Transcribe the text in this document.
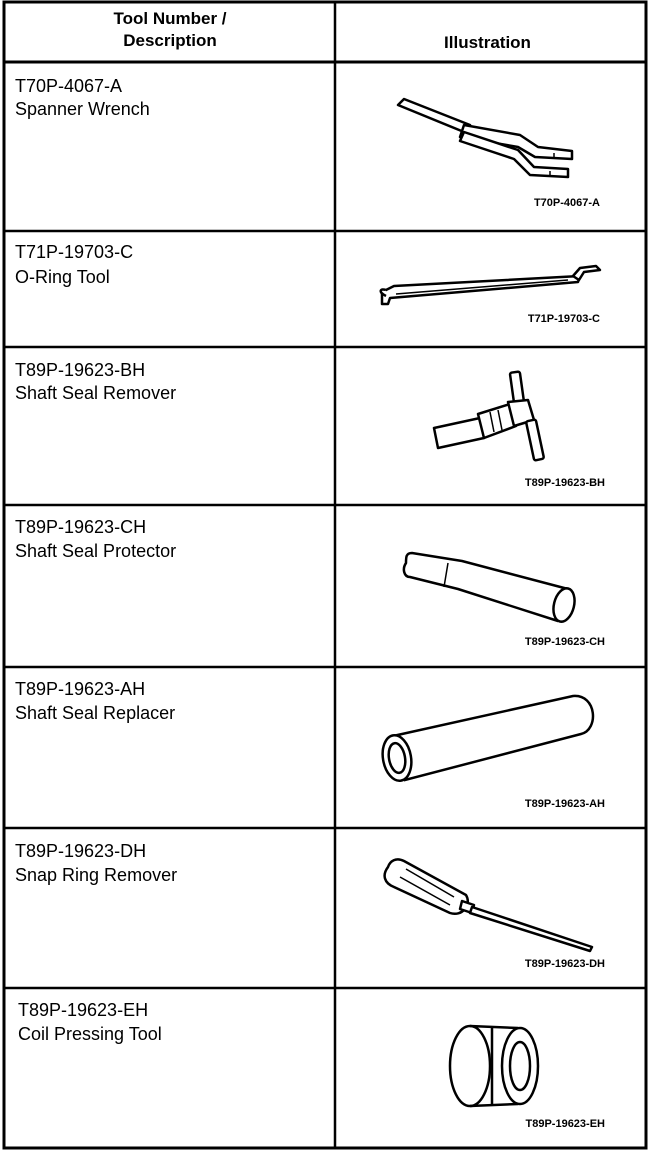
Tool Number / Description	Illustration
T70P-4067-A
Spanner Wrench
T70P-4067-A
T71P-19703-C
O-Ring Tool
T71P-19703-C
T89P-19623-BH
Shaft Seal Remover
T89P-19623-BH
T89P-19623-CH
Shaft Seal Protector
T89P-19623-CH
T89P-19623-AH
Shaft Seal Replacer
T89P-19623-AH
T89P-19623-DH
Snap Ring Remover
T89P-19623-DH
T89P-19623-EH
Coil Pressing Tool
T89P-19623-EH
